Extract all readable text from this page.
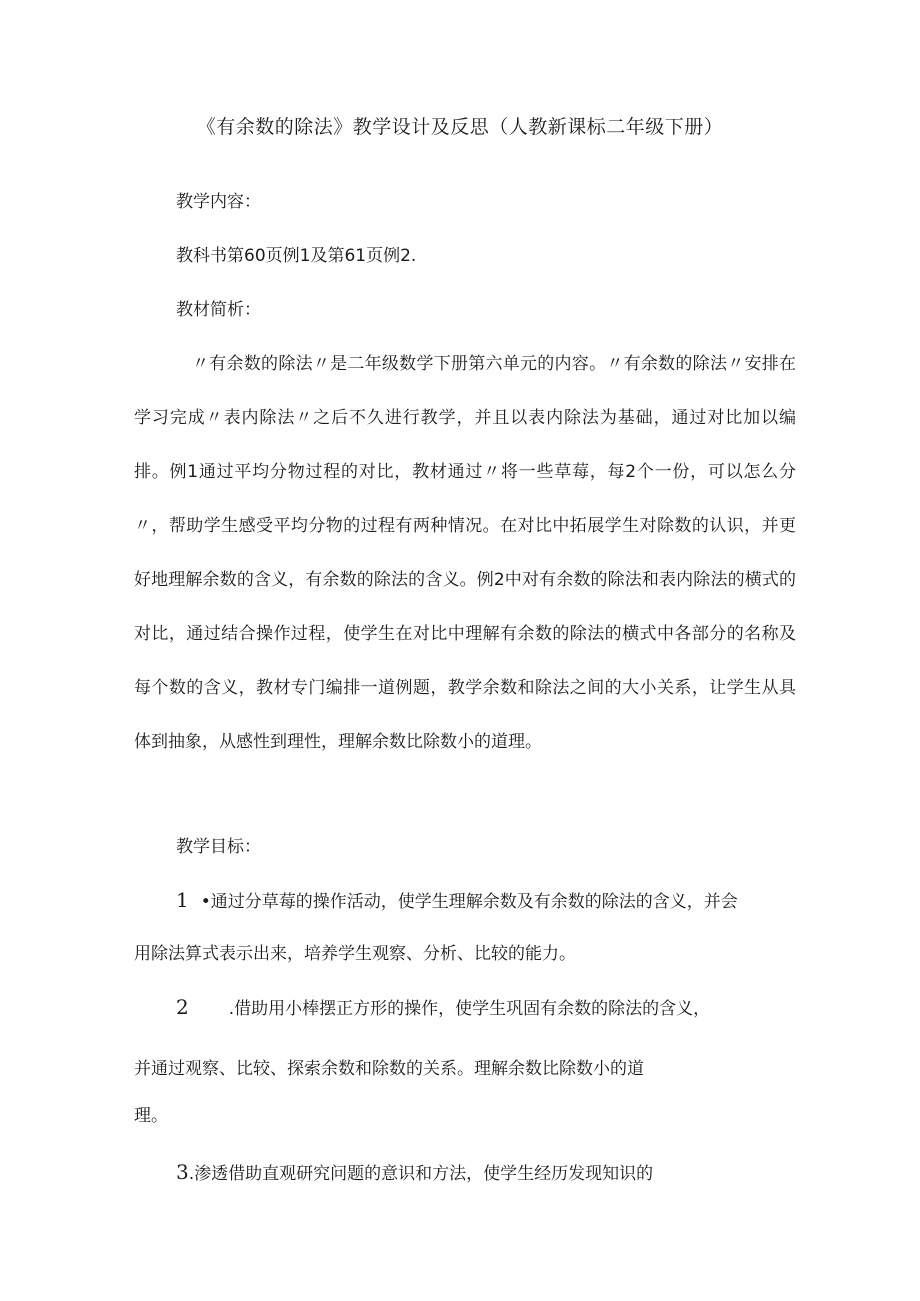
《有余数的除法》教学设计及反思（人教新课标二年级下册）
教学内容：
教科书第60页例1及第61页例2.
教材简析：
〃有余数的除法〃是二年级数学下册第六单元的内容。〃有余数的除法〃安排在学习完成〃表内除法〃之后不久进行教学，并且以表内除法为基础，通过对比加以编排。例1通过平均分物过程的对比，教材通过〃将一些草莓，每2个一份，可以怎么分〃，帮助学生感受平均分物的过程有两种情况。在对比中拓展学生对除数的认识，并更好地理解余数的含义，有余数的除法的含义。例2中对有余数的除法和表内除法的横式的对比，通过结合操作过程，使学生在对比中理解有余数的除法的横式中各部分的名称及每个数的含义，教材专门编排一道例题，教学余数和除法之间的大小关系，让学生从具体到抽象，从感性到理性，理解余数比除数小的道理。
教学目标：
1 •通过分草莓的操作活动，使学生理解余数及有余数的除法的含义，并会
用除法算式表示出来，培养学生观察、分析、比较的能力。
2 .借助用小棒摆正方形的操作，使学生巩固有余数的除法的含义，
并通过观察、比较、探索余数和除数的关系。理解余数比除数小的道
理。
3.渗透借助直观研究问题的意识和方法，使学生经历发现知识的
